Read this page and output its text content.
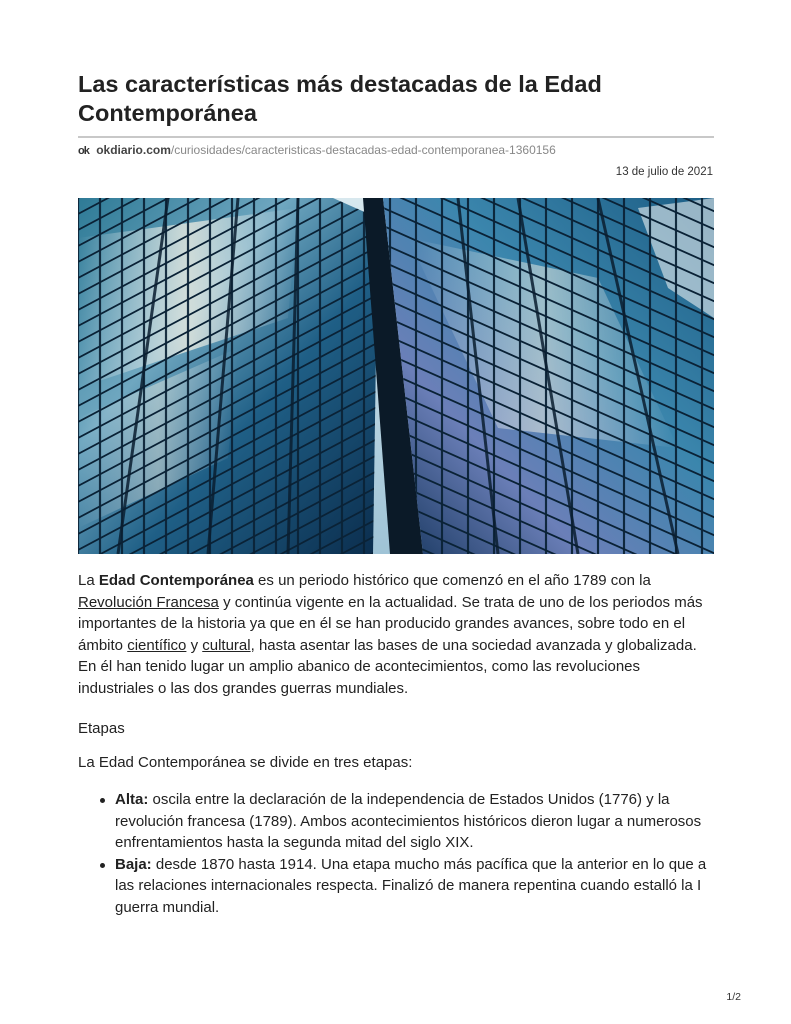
Las características más destacadas de la Edad Contemporánea
ok okdiario.com/curiosidades/caracteristicas-destacadas-edad-contemporanea-1360156
13 de julio de 2021

La Edad Contemporánea es un periodo histórico que comenzó en el año 1789 con la Revolución Francesa y continúa vigente en la actualidad. Se trata de uno de los periodos más importantes de la historia ya que en él se han producido grandes avances, sobre todo en el ámbito científico y cultural, hasta asentar las bases de una sociedad avanzada y globalizada. En él han tenido lugar un amplio abanico de acontecimientos, como las revoluciones industriales o las dos grandes guerras mundiales.

Etapas

La Edad Contemporánea se divide en tres etapas:

Alta: oscila entre la declaración de la independencia de Estados Unidos (1776) y la revolución francesa (1789). Ambos acontecimientos históricos dieron lugar a numerosos enfrentamientos hasta la segunda mitad del siglo XIX.
Baja: desde 1870 hasta 1914. Una etapa mucho más pacífica que la anterior en lo que a las relaciones internacionales respecta. Finalizó de manera repentina cuando estalló la I guerra mundial.
1/2
